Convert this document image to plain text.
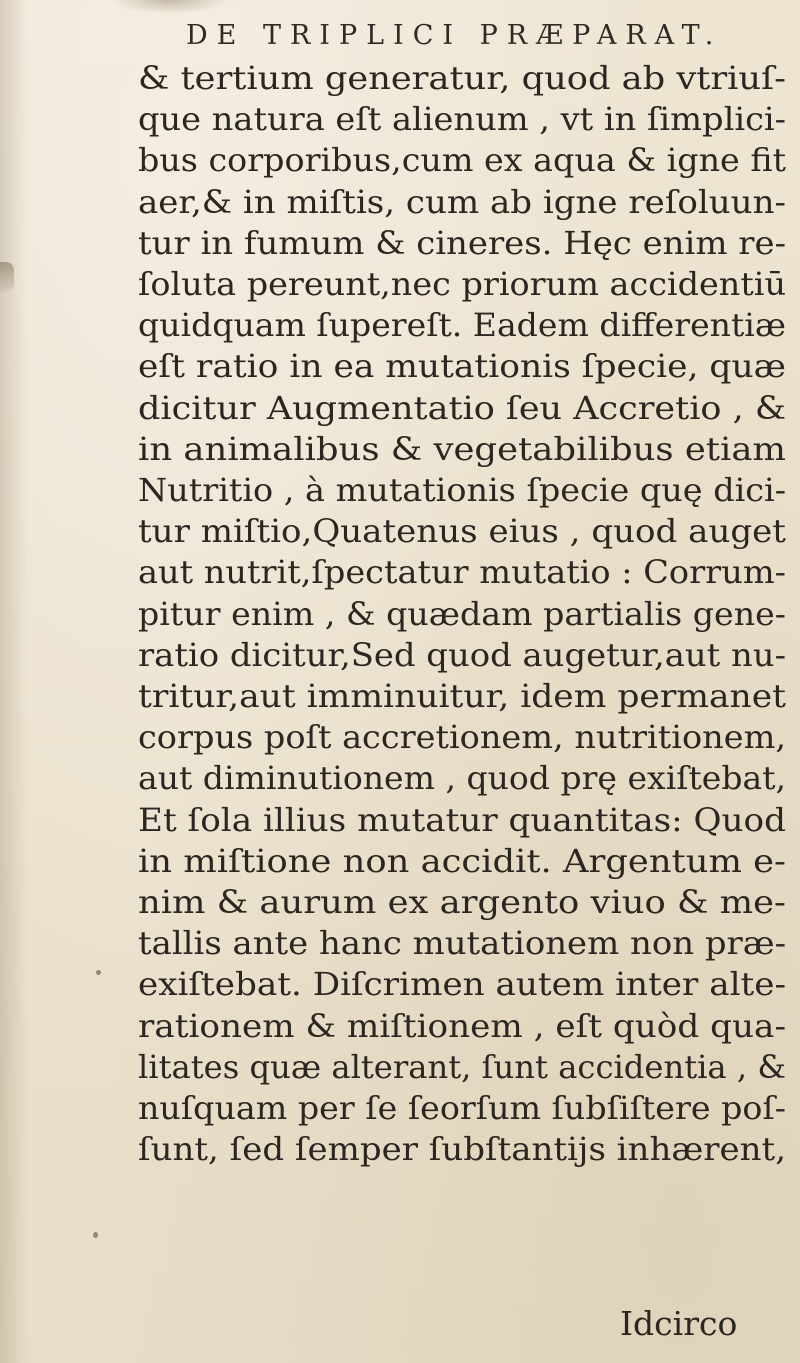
DE TRIPLICI PRÆPARAT.
& tertium generatur, quod ab vtriuſ-
que natura eſt alienum , vt in ſimplici-
bus corporibus,cum ex aqua & igne fit
aer,& in miſtis, cum ab igne reſoluun-
tur in fumum & cineres. Hęc enim re-
ſoluta pereunt,nec priorum accidentiū
quidquam ſupereſt. Eadem differentiæ
eſt ratio in ea mutationis ſpecie, quæ
dicitur Augmentatio ſeu Accretio , &
in animalibus & vegetabilibus etiam
Nutritio , à mutationis ſpecie quę dici-
tur miſtio,Quatenus eius , quod auget
aut nutrit,ſpectatur mutatio : Corrum-
pitur enim , & quædam partialis gene-
ratio dicitur,Sed quod augetur,aut nu-
tritur,aut imminuitur, idem permanet
corpus poſt accretionem, nutritionem,
aut diminutionem , quod prę exiſtebat,
Et ſola illius mutatur quantitas: Quod
in miſtione non accidit. Argentum e-
nim & aurum ex argento viuo & me-
tallis ante hanc mutationem non præ-
exiſtebat. Diſcrimen autem inter alte-
rationem & miſtionem , eſt quòd qua-
litates quæ alterant, ſunt accidentia , &
nuſquam per ſe ſeorſum ſubſiſtere poſ-
ſunt, ſed ſemper ſubſtantijs inhærent,
Idcirco
